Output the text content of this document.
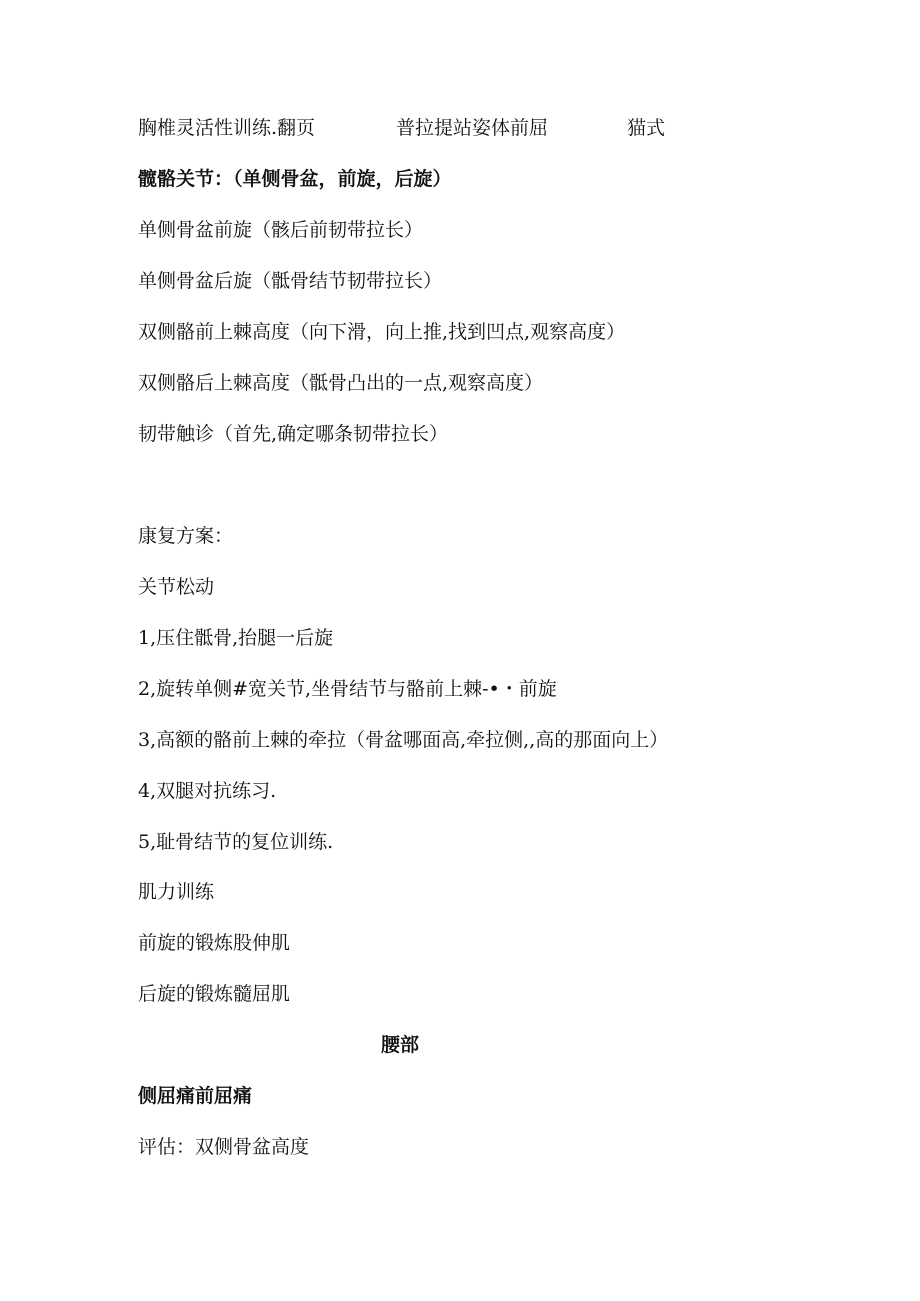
胸椎灵活性训练.翻页	普拉提站姿体前屈	猫式
髋骼关节：（单侧骨盆，前旋，后旋）
单侧骨盆前旋（骸后前韧带拉长）
单侧骨盆后旋（骶骨结节韧带拉长）
双侧骼前上棘高度（向下滑，向上推,找到凹点,观察高度）
双侧骼后上棘高度（骶骨凸出的一点,观察高度）
韧带触诊（首先,确定哪条韧带拉长）
康复方案：
关节松动
1,压住骶骨,抬腿一后旋
2,旋转单侧#宽关节,坐骨结节与骼前上棘-•・前旋
3,高额的骼前上棘的牵拉（骨盆哪面高,牵拉侧,,高的那面向上）
4,双腿对抗练习.
5,耻骨结节的复位训练.
肌力训练
前旋的锻炼股伸肌
后旋的锻炼髓屈肌
腰部
侧屈痛前屈痛
评估：双侧骨盆高度
